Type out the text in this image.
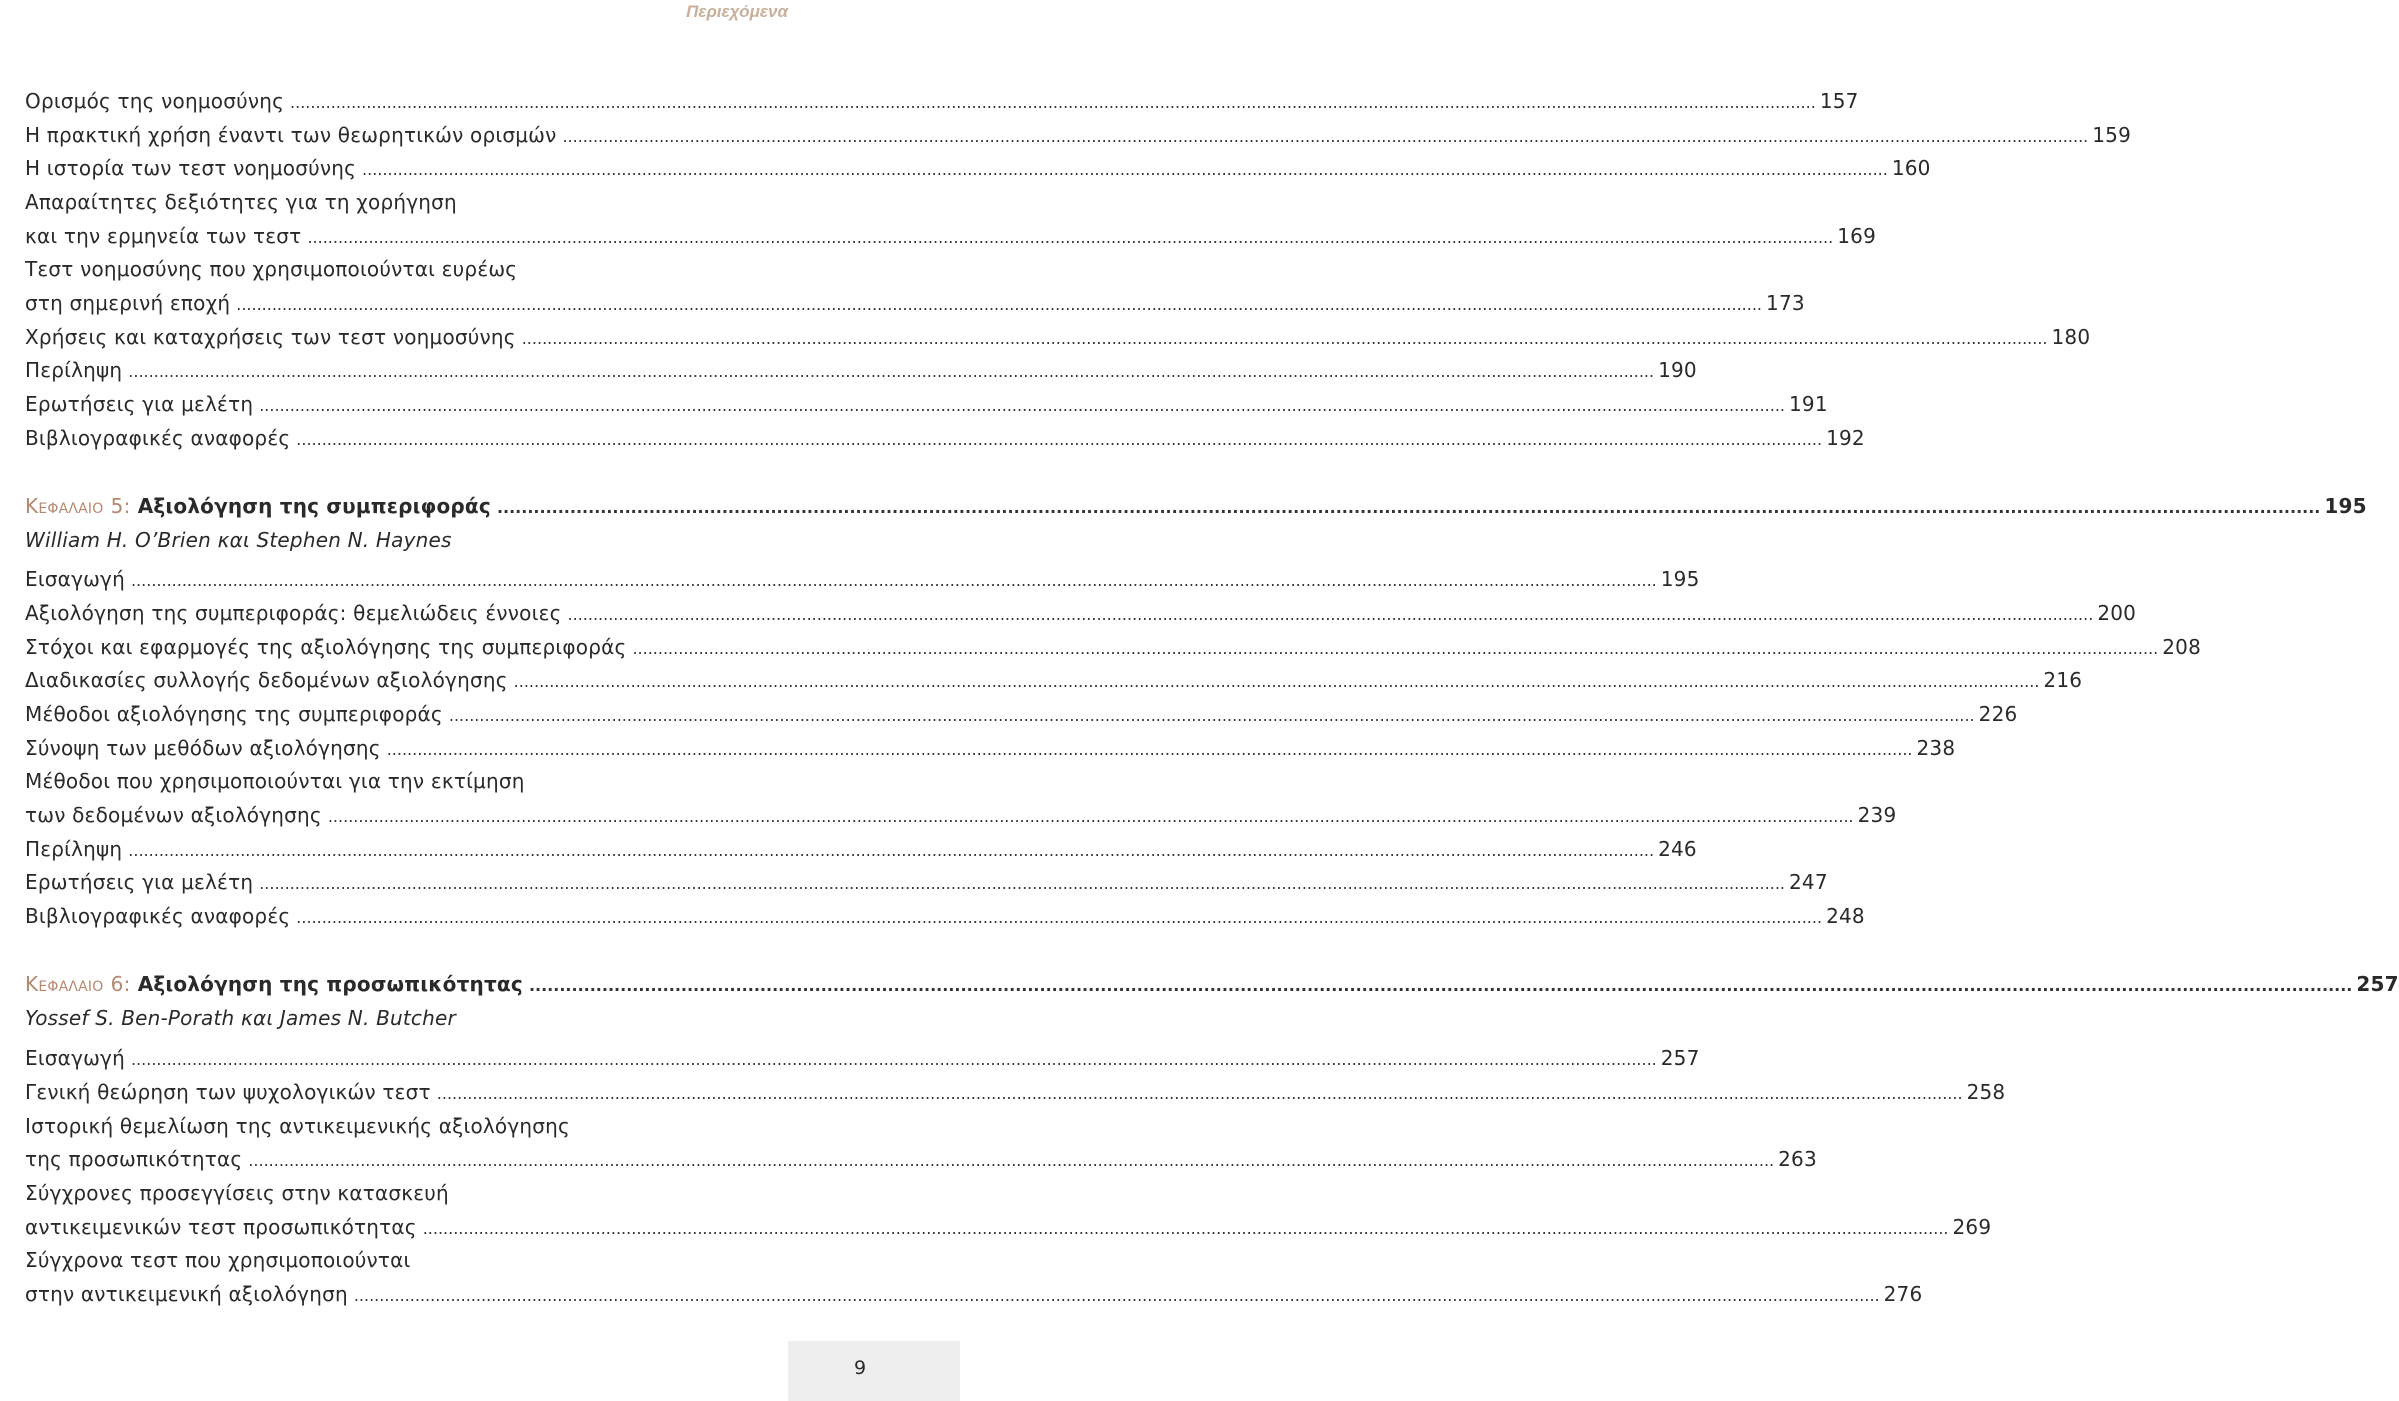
Περιεχόμενα
Ορισμός της νοημοσύνης ............................................................................................................................................................................................................................................................................................................ 157
Η πρακτική χρήση έναντι των θεωρητικών ορισμών ............................................................................................................................................................................................................................................................................................................ 159
Η ιστορία των τεστ νοημοσύνης ............................................................................................................................................................................................................................................................................................................ 160
Απαραίτητες δεξιότητες για τη χορήγηση
και την ερμηνεία των τεστ ............................................................................................................................................................................................................................................................................................................ 169
Τεστ νοημοσύνης που χρησιμοποιούνται ευρέως
στη σημερινή εποχή ............................................................................................................................................................................................................................................................................................................ 173
Χρήσεις και καταχρήσεις των τεστ νοημοσύνης ............................................................................................................................................................................................................................................................................................................ 180
Περίληψη ............................................................................................................................................................................................................................................................................................................ 190
Ερωτήσεις για μελέτη ............................................................................................................................................................................................................................................................................................................ 191
Βιβλιογραφικές αναφορές ............................................................................................................................................................................................................................................................................................................ 192
Κεφαλαιο 5: Αξιολόγηση της συμπεριφοράς ............................................................................................................................................................................................................................................................................................................ 195
William H. O’Brien και Stephen N. Haynes
Εισαγωγή ............................................................................................................................................................................................................................................................................................................ 195
Αξιολόγηση της συμπεριφοράς: θεμελιώδεις έννοιες ............................................................................................................................................................................................................................................................................................................ 200
Στόχοι και εφαρμογές της αξιολόγησης της συμπεριφοράς ............................................................................................................................................................................................................................................................................................................ 208
Διαδικασίες συλλογής δεδομένων αξιολόγησης ............................................................................................................................................................................................................................................................................................................ 216
Μέθοδοι αξιολόγησης της συμπεριφοράς ............................................................................................................................................................................................................................................................................................................ 226
Σύνοψη των μεθόδων αξιολόγησης ............................................................................................................................................................................................................................................................................................................ 238
Μέθοδοι που χρησιμοποιούνται για την εκτίμηση
των δεδομένων αξιολόγησης ............................................................................................................................................................................................................................................................................................................ 239
Περίληψη ............................................................................................................................................................................................................................................................................................................ 246
Ερωτήσεις για μελέτη ............................................................................................................................................................................................................................................................................................................ 247
Βιβλιογραφικές αναφορές ............................................................................................................................................................................................................................................................................................................ 248
Κεφαλαιο 6: Αξιολόγηση της προσωπικότητας ............................................................................................................................................................................................................................................................................................................ 257
Yossef S. Ben-Porath και James N. Butcher
Εισαγωγή ............................................................................................................................................................................................................................................................................................................ 257
Γενική θεώρηση των ψυχολογικών τεστ ............................................................................................................................................................................................................................................................................................................ 258
Ιστορική θεμελίωση της αντικειμενικής αξιολόγησης
της προσωπικότητας ............................................................................................................................................................................................................................................................................................................ 263
Σύγχρονες προσεγγίσεις στην κατασκευή
αντικειμενικών τεστ προσωπικότητας ............................................................................................................................................................................................................................................................................................................ 269
Σύγχρονα τεστ που χρησιμοποιούνται
στην αντικειμενική αξιολόγηση ............................................................................................................................................................................................................................................................................................................ 276
9
